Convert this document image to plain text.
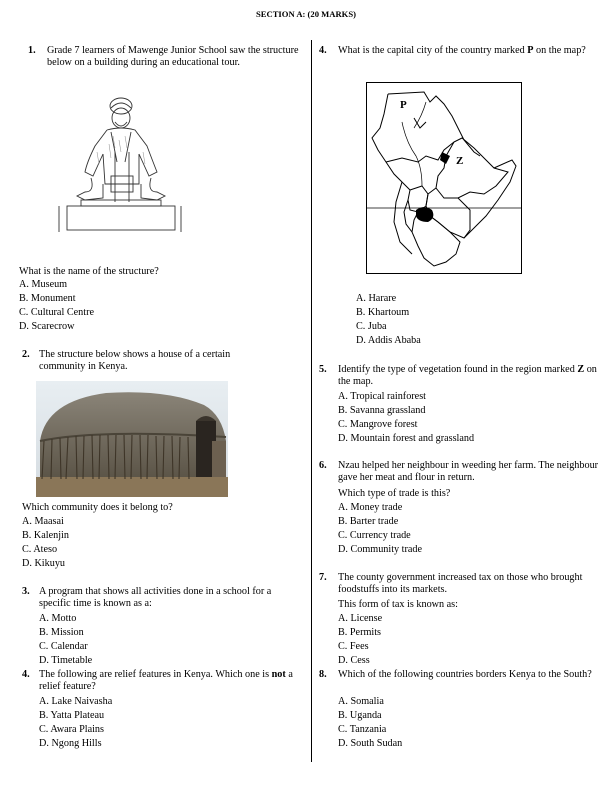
SECTION A: (20 MARKS)
1. Grade 7 learners of Mawenge Junior School saw the structure below on a building during an educational tour.
What is the name of the structure?
A. Museum
B. Monument
C. Cultural Centre
D. Scarecrow
2. The structure below shows a house of a certain community in Kenya.
Which community does it belong to?
A. Maasai
B. Kalenjin
C. Ateso
D. Kikuyu
3. A program that shows all activities done in a school for a specific time is known as a:
A. Motto
B. Mission
C. Calendar
D. Timetable
4. The following are relief features in Kenya. Which one is not a relief feature?
A. Lake Naivasha
B. Yatta Plateau
C. Awara Plains
D. Ngong Hills
4. What is the capital city of the country marked P on the map?
P
Z
A. Harare
B. Khartoum
C. Juba
D. Addis Ababa
5. Identify the type of vegetation found in the region marked Z on the map.
A. Tropical rainforest
B. Savanna grassland
C. Mangrove forest
D. Mountain forest and grassland
6. Nzau helped her neighbour in weeding her farm. The neighbour gave her meat and flour in return.
Which type of trade is this?
A. Money trade
B. Barter trade
C. Currency trade
D. Community trade
7. The county government increased tax on those who brought foodstuffs into its markets.
This form of tax is known as:
A. License
B. Permits
C. Fees
D. Cess
8. Which of the following countries borders Kenya to the South?
A. Somalia
B. Uganda
C. Tanzania
D. South Sudan
